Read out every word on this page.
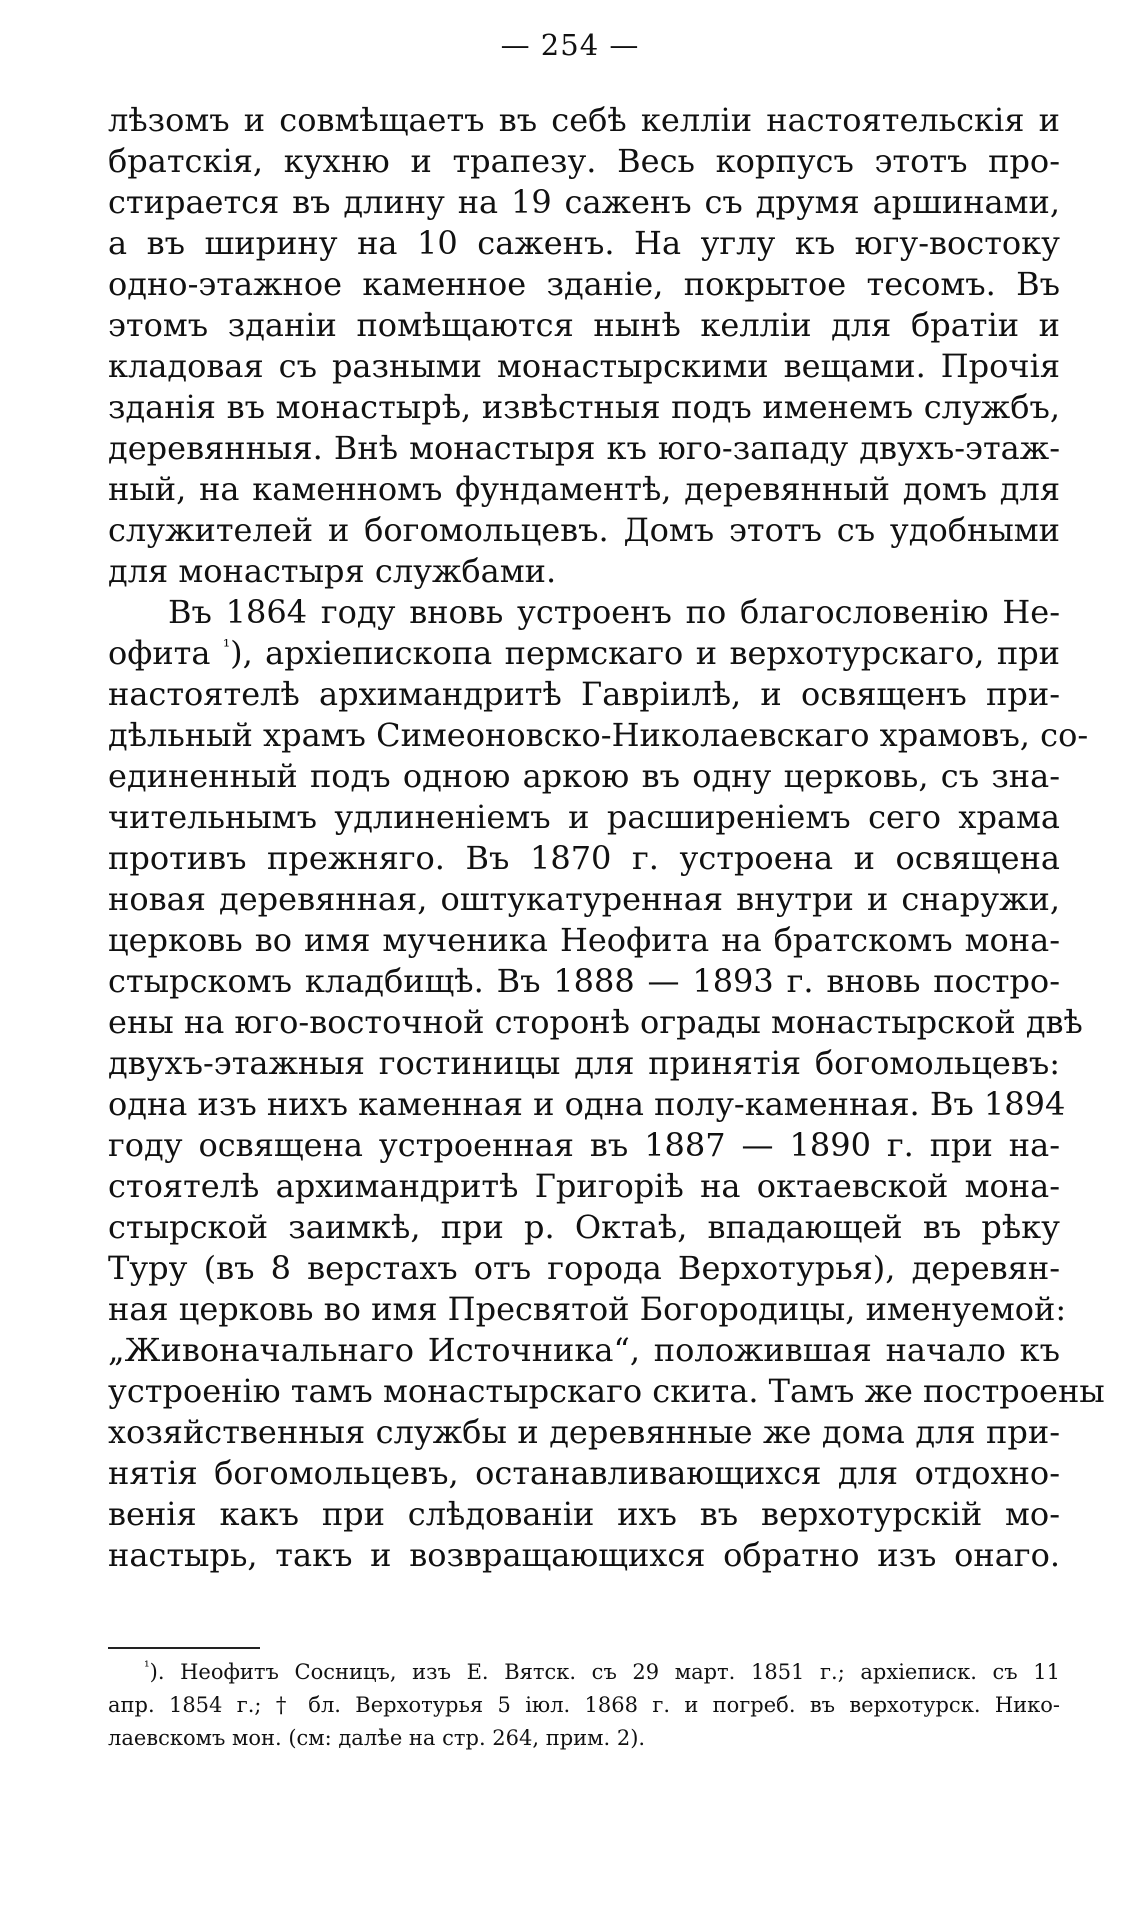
— 254 —
лѣзомъ и совмѣщаетъ въ себѣ келліи настоятельскія и
братскія, кухню и трапезу. Весь корпусъ этотъ про-
стирается въ длину на 19 саженъ съ друмя аршинами,
а въ ширину на 10 саженъ. На углу къ югу-востоку
одно-этажное каменное зданіе, покрытое тесомъ. Въ
этомъ зданіи помѣщаются нынѣ келліи для братіи и
кладовая съ разными монастырскими вещами. Прочія
зданія въ монастырѣ, извѣстныя подъ именемъ службъ,
деревянныя. Внѣ монастыря къ юго-западу двухъ-этаж-
ный, на каменномъ фундаментѣ, деревянный домъ для
служителей и богомольцевъ. Домъ этотъ съ удобными
для монастыря службами.
Въ 1864 году вновь устроенъ по благословенію Не-
офита $^{^1}$), архіепископа пермскаго и верхотурскаго, при
настоятелѣ архимандритѣ Гавріилѣ, и освященъ при-
дѣльный храмъ Симеоновско-Николаевскаго храмовъ, со-
единенный подъ одною аркою въ одну церковь, съ зна-
чительнымъ удлиненіемъ и расширеніемъ сего храма
противъ прежняго. Въ 1870 г. устроена и освящена
новая деревянная, оштукатуренная внутри и снаружи,
церковь во имя мученика Неофита на братскомъ мона-
стырскомъ кладбищѣ. Въ 1888 — 1893 г. вновь постро-
ены на юго-восточной сторонѣ ограды монастырской двѣ
двухъ-этажныя гостиницы для принятія богомольцевъ:
одна изъ нихъ каменная и одна полу-каменная. Въ 1894
году освящена устроенная въ 1887 — 1890 г. при на-
стоятелѣ архимандритѣ Григоріѣ на октаевской мона-
стырской заимкѣ, при р. Октаѣ, впадающей въ рѣку
Туру (въ 8 верстахъ отъ города Верхотурья), деревян-
ная церковь во имя Пресвятой Богородицы, именуемой:
„Живоначальнаго Источника“, положившая начало къ
устроенію тамъ монастырскаго скита. Тамъ же построены
хозяйственныя службы и деревянные же дома для при-
нятія богомольцевъ, останавливающихся для отдохно-
венія какъ при слѣдованіи ихъ въ верхотурскій мо-
настырь, такъ и возвращающихся обратно изъ онаго.
$^{^1}$). Неофитъ Сосницъ, изъ Е. Вятск. съ 29 март. 1851 г.; архіеписк. съ 11
апр. 1854 г.; † бл. Верхотурья 5 іюл. 1868 г. и погреб. въ верхотурск. Нико-
лаевскомъ мон. (см: далѣе на стр. 264, прим. 2).
